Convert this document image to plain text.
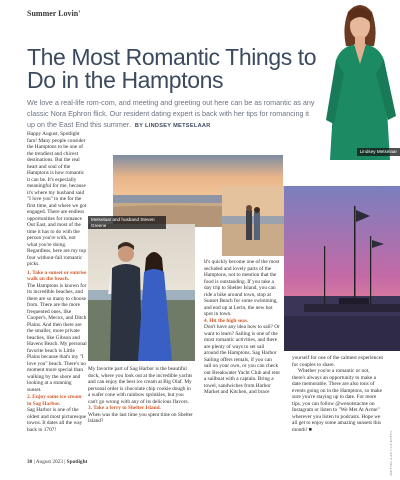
Summer Lovin'
The Most Romantic Things to Do in the Hamptons
We love a real-life rom-com, and meeting and greeting out here can be as romantic as any classic Nora Ephron flick. Our resident dating expert is back with her tips for romancing it up on the East End this summer. BY LINDSEY METSELAAR
Lindsey Metselaar
Metselaar and husband Steven Greene

Happy August, Spotlight fam! Many people consider the Hamptons to be one of the trendiest and chicest destinations. But the real heart and soul of the Hamptons is how romantic it can be. It's especially meaningful for me, because it's where my husband said "I love you" to me for the first time, and where we got engaged. There are endless opportunities for romance Out East, and most of the time it has to do with the person you're with, not what you're doing. Regardless, here are my top four without-fail romantic picks.

1. Take a sunset or sunrise walk on the beach.

The Hamptons is known for its incredible beaches, and there are so many to choose from. There are the more frequented ones, like Cooper's, Mecox, and Ditch Plains. And then there are the smaller, more private beaches, like Gibson and Havens Beach. My personal favorite beach is Little Plains because that's my "I love you" beach. There's no moment more special than walking by the shore and looking at a stunning sunset.

2. Enjoy some ice cream in Sag Harbor.

Sag Harbor is one of the oldest and most picturesque towns. It dates all the way back to 1707!

My favorite part of Sag Harbor is the beautiful dock, where you look out at the incredible yachts and can enjoy the best ice cream at Big Olaf. My personal order is chocolate chip cookie dough in a wafer cone with rainbow sprinkles, but you can't go wrong with any of its delicious flavors.

3. Take a ferry to Shelter Island.

When was the last time you spent time on Shelter Island?

It's quickly become one of the most secluded and lovely parts of the Hamptons, not to mention that the food is outstanding. If you take a day trip to Shelter Island, you can ride a bike around town, stop at Sunset Beach for some swimming, and end up at Lerin, the new hot spot in town.

4. Hit the high seas.

Don't have any idea how to sail? Or want to learn? Sailing is one of the most romantic activities, and there are plenty of ways to set sail around the Hamptons. Sag Harbor Sailing offers rentals, if you can sail on your own, or you can check out Breakwater Yacht Club and rent a sailboat with a captain. Bring a towel, sandwiches from Harbor Market and Kitchen, and brace

yourself for one of the calmest experiences for couples to share.

Whether you're a romantic or not, there's always an opportunity to make a date memorable. There are also tons of events going on in the Hamptons, so make sure you're staying up to date. For more tips, you can follow @wenotstacme on Instagram or listen to "We Met At Acme" wherever you listen to podcasts. Hope we all get to enjoy some amazing sunsets this month! ■

30 | August 2023 | Spotlight	METSELAAR COURTESY
